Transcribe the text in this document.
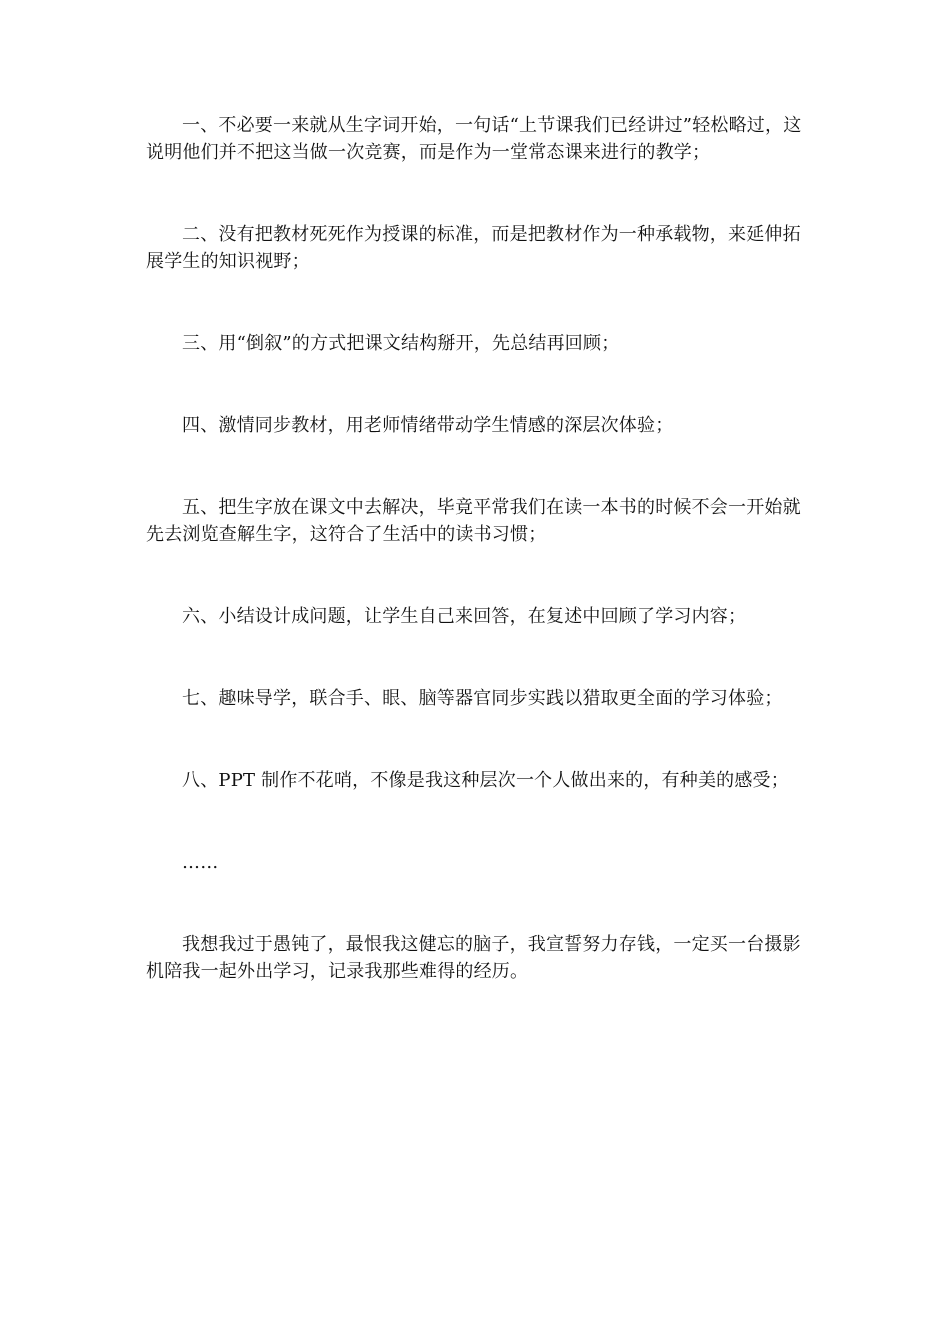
一、不必要一来就从生字词开始，一句话“上节课我们已经讲过”轻松略过，这说明他们并不把这当做一次竞赛，而是作为一堂常态课来进行的教学；

二、没有把教材死死作为授课的标准，而是把教材作为一种承载物，来延伸拓展学生的知识视野；

三、用“倒叙”的方式把课文结构掰开，先总结再回顾；

四、激情同步教材，用老师情绪带动学生情感的深层次体验；

五、把生字放在课文中去解决，毕竟平常我们在读一本书的时候不会一开始就先去浏览查解生字，这符合了生活中的读书习惯；

六、小结设计成问题，让学生自己来回答，在复述中回顾了学习内容；

七、趣味导学，联合手、眼、脑等器官同步实践以猎取更全面的学习体验；

八、PPT 制作不花哨，不像是我这种层次一个人做出来的，有种美的感受；

……

我想我过于愚钝了，最恨我这健忘的脑子，我宣誓努力存钱，一定买一台摄影机陪我一起外出学习，记录我那些难得的经历。
